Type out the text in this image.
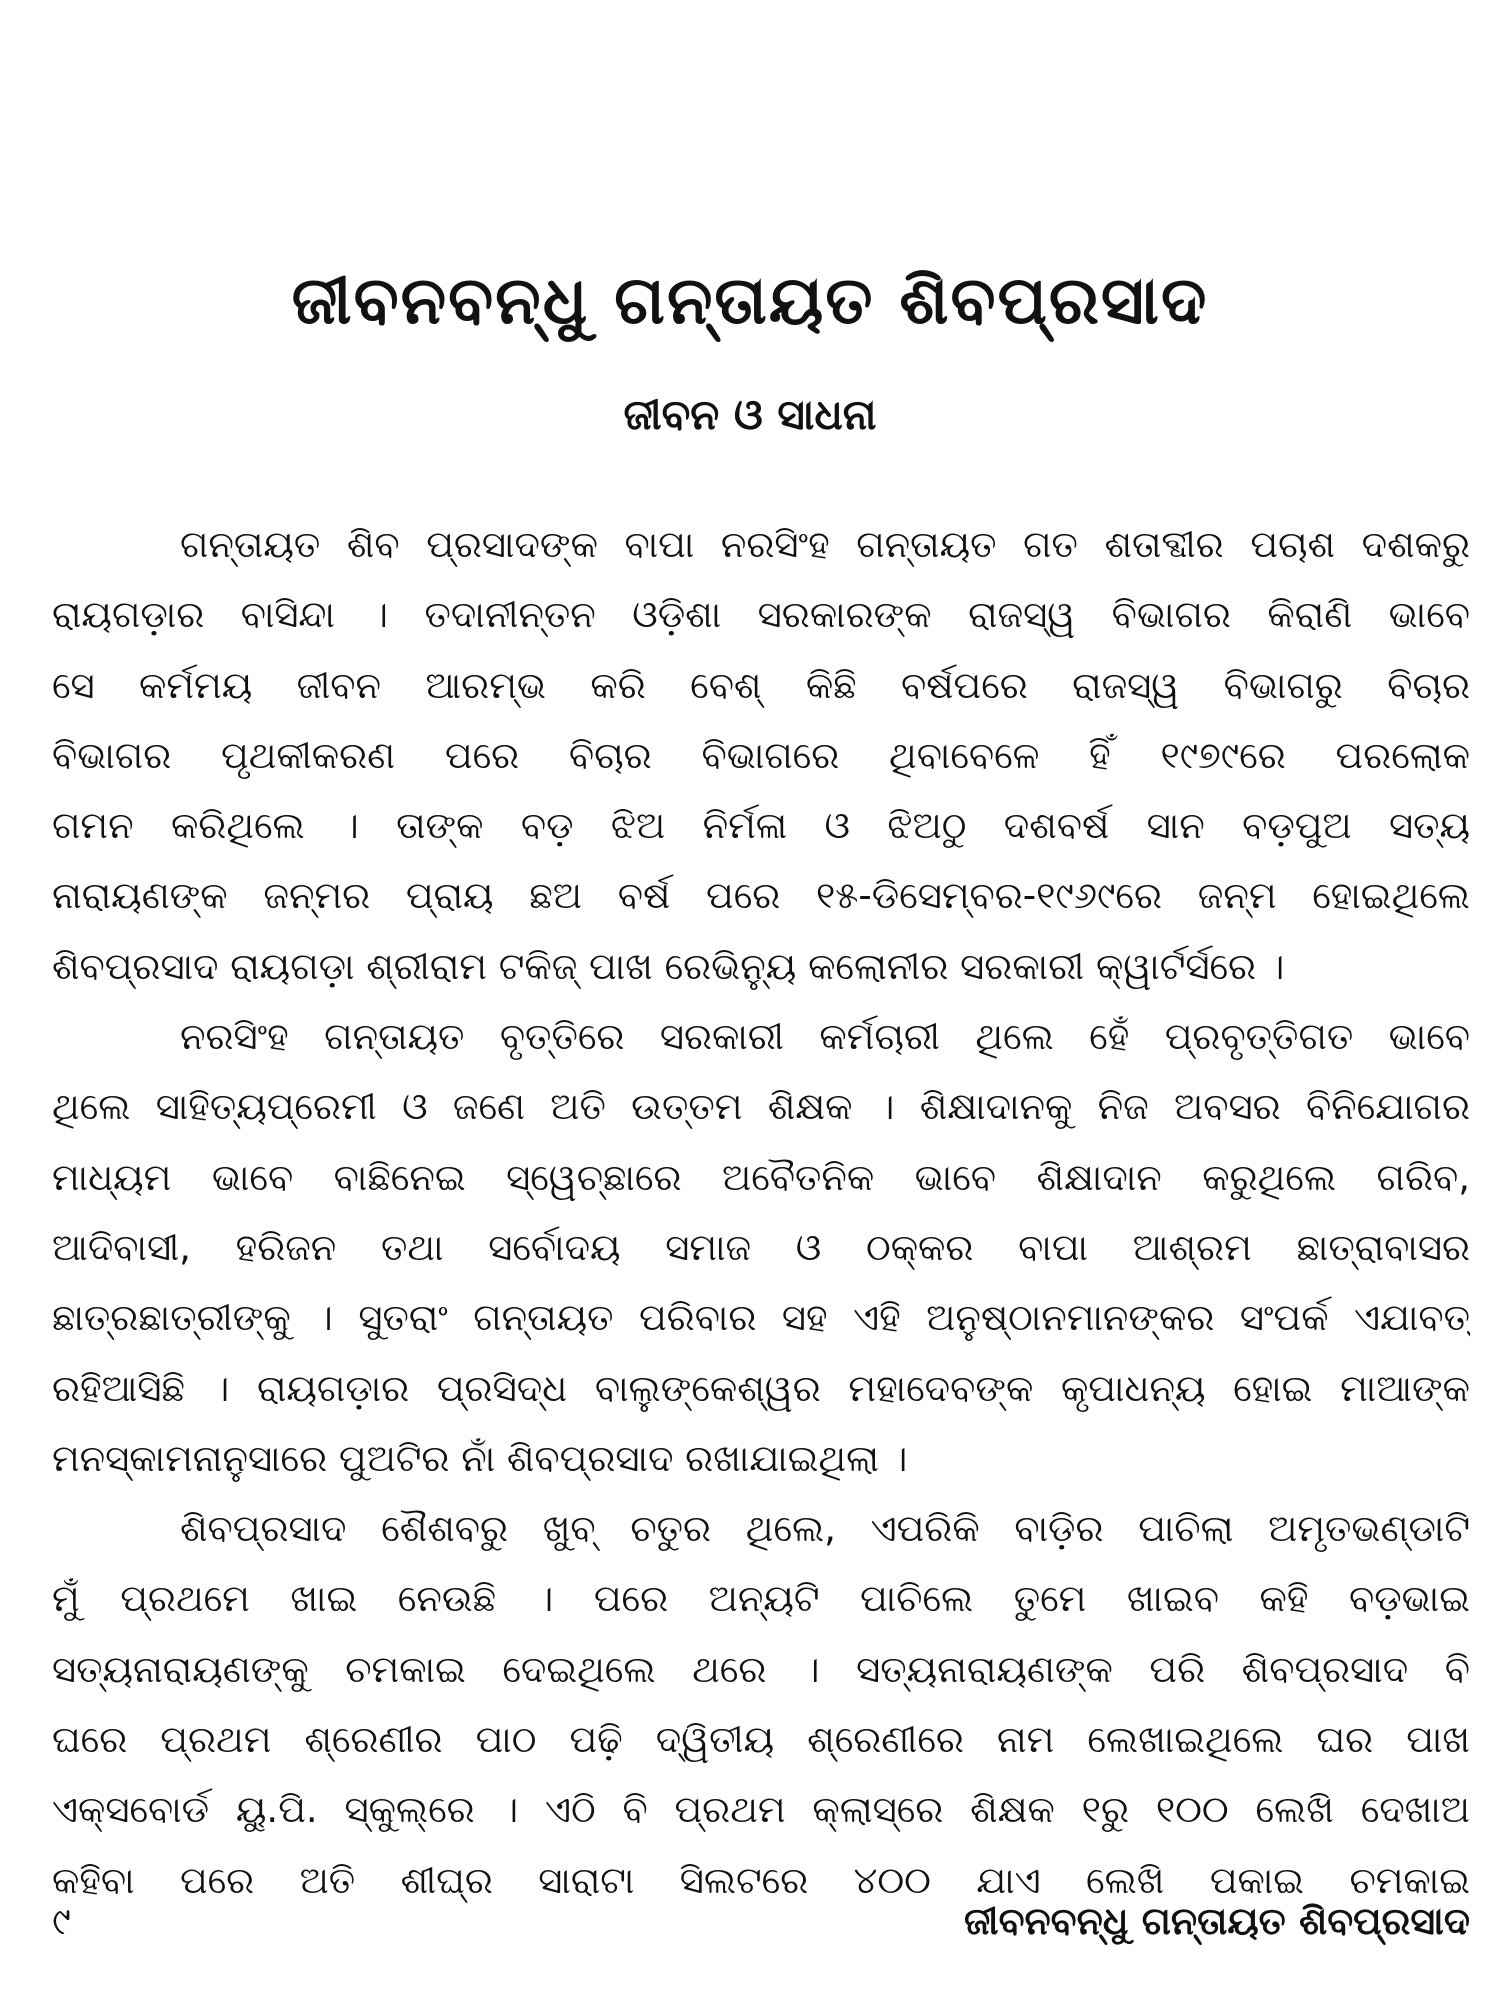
ଜୀବନବନ୍ଧୁ ଗନ୍ତାୟତ ଶିବପ୍ରସାଦ
ଜୀବନ ଓ ସାଧନା
ଗନ୍ତାୟତ ଶିବ ପ୍ରସାଦଙ୍କ ବାପା ନରସିଂହ ଗନ୍ତାୟତ ଗତ ଶତାବ୍ଦୀର ପଚାଶ ଦଶକରୁ
ରାୟଗଡ଼ାର ବାସିନ୍ଦା । ତଦାନୀନ୍ତନ ଓଡ଼ିଶା ସରକାରଙ୍କ ରାଜସ୍ୱ ବିଭାଗର କିରାଣି ଭାବେ
ସେ କର୍ମମୟ ଜୀବନ ଆରମ୍ଭ କରି ବେଶ୍ କିଛି ବର୍ଷପରେ ରାଜସ୍ୱ ବିଭାଗରୁ ବିଚାର
ବିଭାଗର ପୃଥକୀକରଣ ପରେ ବିଚାର ବିଭାଗରେ ଥିବାବେଳେ ହିଁ ୧୯୭୯ରେ ପରଲୋକ
ଗମନ କରିଥିଲେ । ତାଙ୍କ ବଡ଼ ଝିଅ ନିର୍ମଳା ଓ ଝିଅଠୁ ଦଶବର୍ଷ ସାନ ବଡ଼ପୁଅ ସତ୍ୟ
ନାରାୟଣଙ୍କ ଜନ୍ମର ପ୍ରାୟ ଛଅ ବର୍ଷ ପରେ ୧୫-ଡିସେମ୍ବର-୧୯୬୯ରେ ଜନ୍ମ ହୋଇଥିଲେ
ଶିବପ୍ରସାଦ ରାୟଗଡ଼ା ଶ୍ରୀରାମ ଟକିଜ୍ ପାଖ ରେଭିନ୍ୟୁ କଲୋନୀର ସରକାରୀ କ୍ୱାର୍ଟର୍ସରେ ।
ନରସିଂହ ଗନ୍ତାୟତ ବୃତ୍ତିରେ ସରକାରୀ କର୍ମଚାରୀ ଥିଲେ ହେଁ ପ୍ରବୃତ୍ତିଗତ ଭାବେ
ଥିଲେ ସାହିତ୍ୟପ୍ରେମୀ ଓ ଜଣେ ଅତି ଉତ୍ତମ ଶିକ୍ଷକ । ଶିକ୍ଷାଦାନକୁ ନିଜ ଅବସର ବିନିଯୋଗର
ମାଧ୍ୟମ ଭାବେ ବାଛିନେଇ ସ୍ୱେଚ୍ଛାରେ ଅବୈତନିକ ଭାବେ ଶିକ୍ଷାଦାନ କରୁଥିଲେ ଗରିବ,
ଆଦିବାସୀ, ହରିଜନ ତଥା ସର୍ବୋଦୟ ସମାଜ ଓ ଠକ୍କର ବାପା ଆଶ୍ରମ ଛାତ୍ରାବାସର
ଛାତ୍ରଛାତ୍ରୀଙ୍କୁ । ସୁତରାଂ ଗନ୍ତାୟତ ପରିବାର ସହ ଏହି ଅନୁଷ୍ଠାନମାନଙ୍କର ସଂପର୍କ ଏଯାବତ୍
ରହିଆସିଛି । ରାୟଗଡ଼ାର ପ୍ରସିଦ୍ଧ ବାଲୁଙ୍କେଶ୍ୱର ମହାଦେବଙ୍କ କୃପାଧନ୍ୟ ହୋଇ ମାଆଙ୍କ
ମନସ୍କାମନାନୁସାରେ ପୁଅଟିର ନାଁ ଶିବପ୍ରସାଦ ରଖାଯାଇଥିଲା ।
ଶିବପ୍ରସାଦ ଶୈଶବରୁ ଖୁବ୍ ଚତୁର ଥିଲେ, ଏପରିକି ବାଡ଼ିର ପାଚିଲା ଅମୃତଭଣ୍ଡାଟି
ମୁଁ ପ୍ରଥମେ ଖାଇ ନେଉଛି । ପରେ ଅନ୍ୟଟି ପାଚିଲେ ତୁମେ ଖାଇବ କହି ବଡ଼ଭାଇ
ସତ୍ୟନାରାୟଣଙ୍କୁ ଚମକାଇ ଦେଇଥିଲେ ଥରେ । ସତ୍ୟନାରାୟଣଙ୍କ ପରି ଶିବପ୍ରସାଦ ବି
ଘରେ ପ୍ରଥମ ଶ୍ରେଣୀର ପାଠ ପଢ଼ି ଦ୍ୱିତୀୟ ଶ୍ରେଣୀରେ ନାମ ଲେଖାଇଥିଲେ ଘର ପାଖ
ଏକ୍ସବୋର୍ଡ ୟୁ.ପି. ସ୍କୁଲ୍‌ରେ । ଏଠି ବି ପ୍ରଥମ କ୍ଲାସ୍‌ରେ ଶିକ୍ଷକ ୧ରୁ ୧୦୦ ଲେଖି ଦେଖାଅ
କହିବା ପରେ ଅତି ଶୀଘ୍ର ସାରାଟା ସିଲଟରେ ୪୦୦ ଯାଏ ଲେଖି ପକାଇ ଚମକାଇ
୯	ଜୀବନବନ୍ଧୁ ଗନ୍ତାୟତ ଶିବପ୍ରସାଦ
